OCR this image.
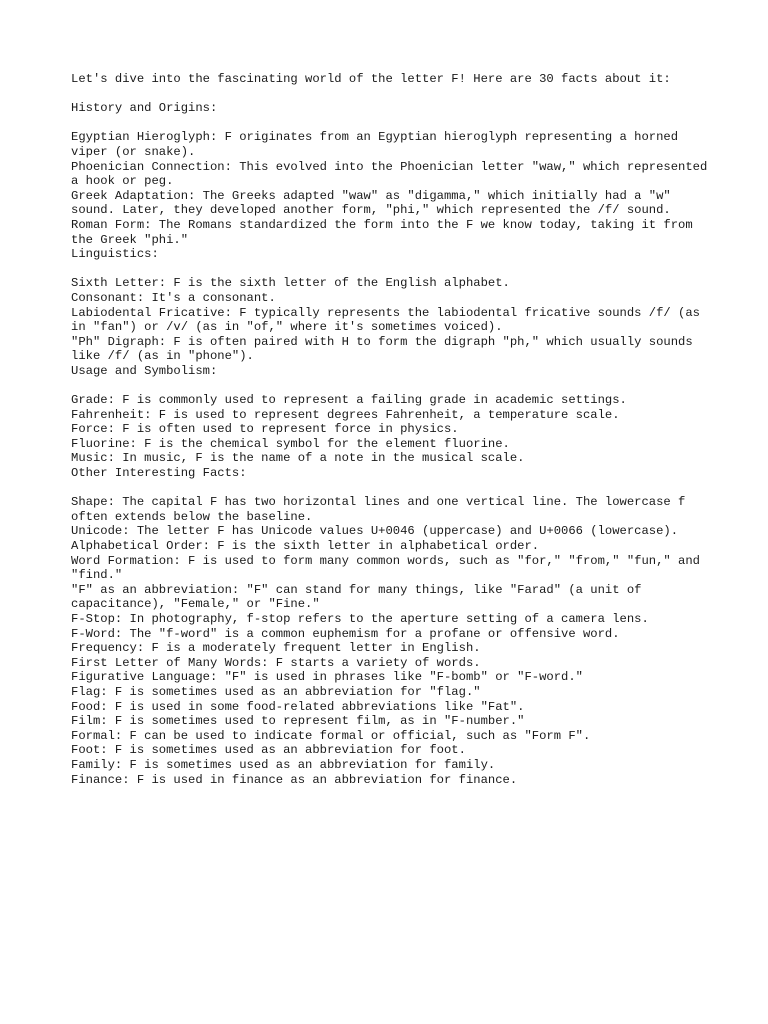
Let's dive into the fascinating world of the letter F! Here are 30 facts about it:

History and Origins:

Egyptian Hieroglyph: F originates from an Egyptian hieroglyph representing a horned viper (or snake).

Phoenician Connection: This evolved into the Phoenician letter "waw," which represented a hook or peg.

Greek Adaptation: The Greeks adapted "waw" as "digamma," which initially had a "w" sound. Later, they developed another form, "phi," which represented the /f/ sound.

Roman Form: The Romans standardized the form into the F we know today, taking it from the Greek "phi."

Linguistics:

Sixth Letter: F is the sixth letter of the English alphabet.

Consonant: It's a consonant.

Labiodental Fricative: F typically represents the labiodental fricative sounds /f/ (as in "fan") or /v/ (as in "of," where it's sometimes voiced).

"Ph" Digraph: F is often paired with H to form the digraph "ph," which usually sounds like /f/ (as in "phone").

Usage and Symbolism:

Grade: F is commonly used to represent a failing grade in academic settings.

Fahrenheit: F is used to represent degrees Fahrenheit, a temperature scale.

Force: F is often used to represent force in physics.

Fluorine: F is the chemical symbol for the element fluorine.

Music: In music, F is the name of a note in the musical scale.

Other Interesting Facts:

Shape: The capital F has two horizontal lines and one vertical line. The lowercase f often extends below the baseline.

Unicode: The letter F has Unicode values U+0046 (uppercase) and U+0066 (lowercase).

Alphabetical Order: F is the sixth letter in alphabetical order.

Word Formation: F is used to form many common words, such as "for," "from," "fun," and "find."

"F" as an abbreviation: "F" can stand for many things, like "Farad" (a unit of capacitance), "Female," or "Fine."

F-Stop: In photography, f-stop refers to the aperture setting of a camera lens.

F-Word: The "f-word" is a common euphemism for a profane or offensive word.

Frequency: F is a moderately frequent letter in English.

First Letter of Many Words: F starts a variety of words.

Figurative Language: "F" is used in phrases like "F-bomb" or "F-word."

Flag: F is sometimes used as an abbreviation for "flag."

Food: F is used in some food-related abbreviations like "Fat".

Film: F is sometimes used to represent film, as in "F-number."

Formal: F can be used to indicate formal or official, such as "Form F".

Foot: F is sometimes used as an abbreviation for foot.

Family: F is sometimes used as an abbreviation for family.

Finance: F is used in finance as an abbreviation for finance.
